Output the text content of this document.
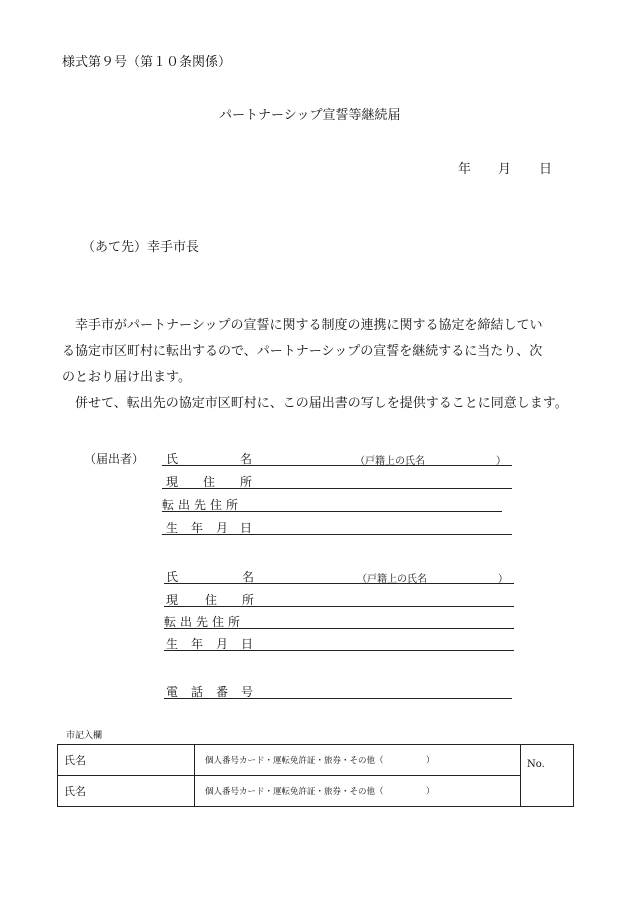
様式第９号（第１０条関係）
パートナーシップ宣誓等継続届
年 月 日
（あて先）幸手市長

　幸手市がパートナーシップの宣誓に関する制度の連携に関する協定を締結してい

る協定市区町村に転出するので、パートナーシップの宣誓を継続するに当たり、次

のとおり届け出ます。

　併せて、転出先の協定市区町村に、この届出書の写しを提供することに同意します。

（届出者） 氏	名	（戸籍上の氏名	）
現 住 所
転出先住所
生 年 月 日
氏	名	（戸籍上の氏名	）
現 住 所
転出先住所
生 年 月 日
電 話 番 号
市記入欄
氏名	個人番号カード・運転免許証・旅券・その他（　　　　　）	No.
氏名	個人番号カード・運転免許証・旅券・その他（　　　　　）	
